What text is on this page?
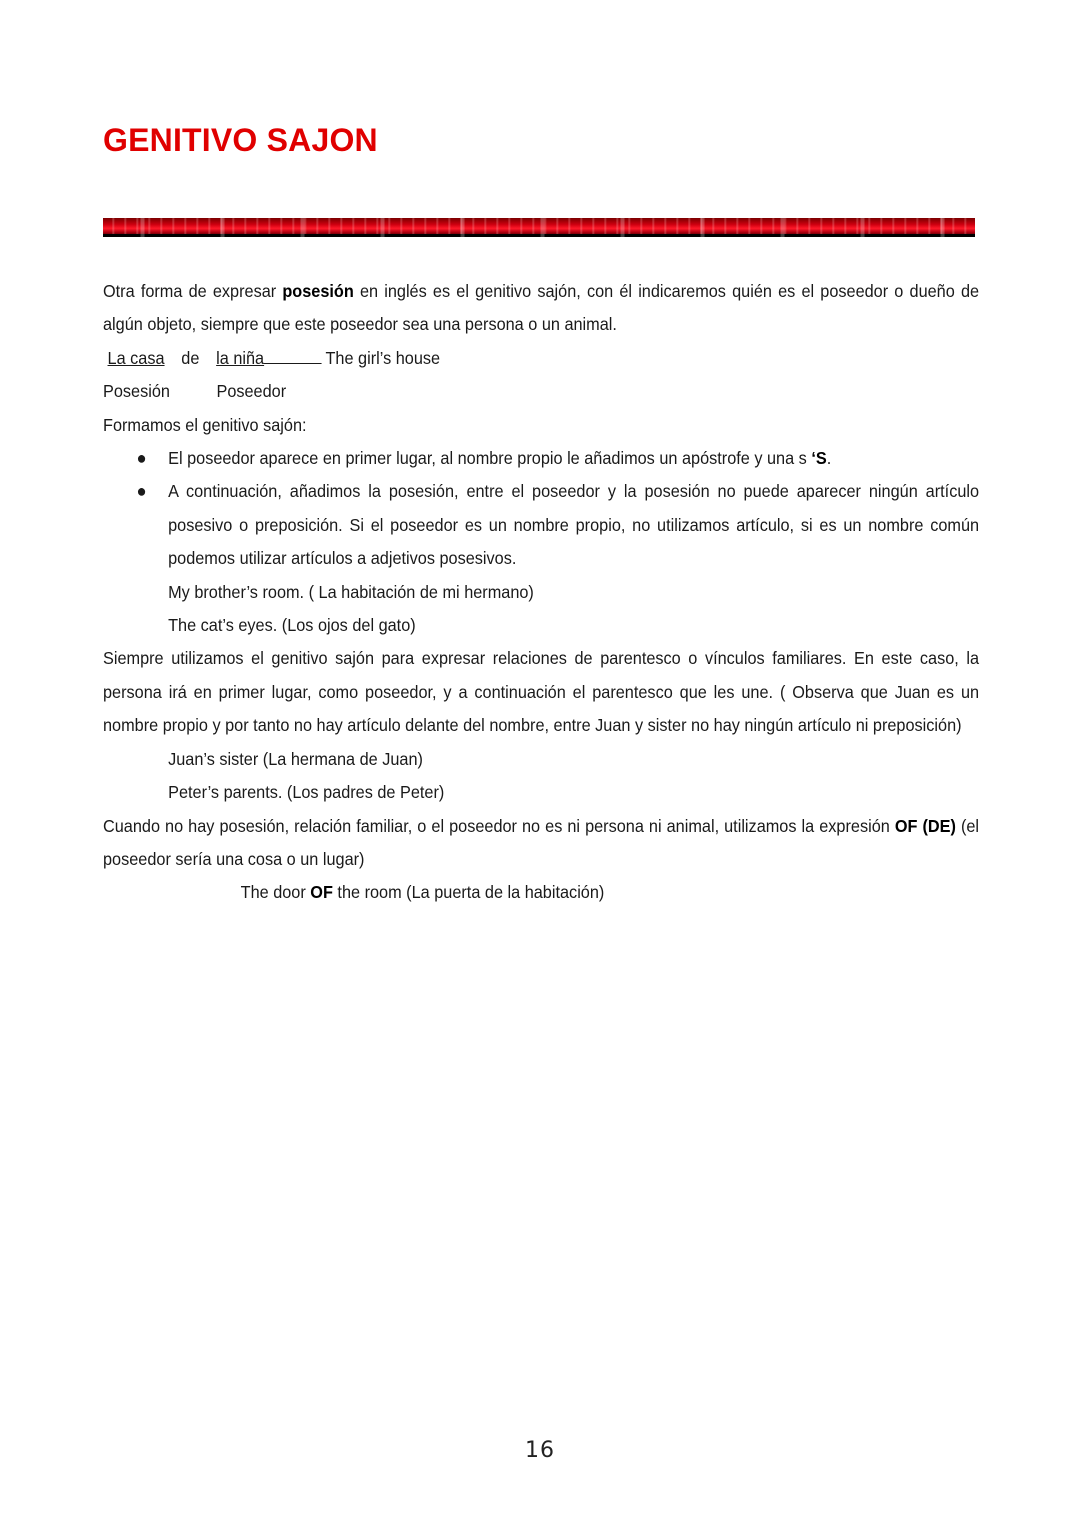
GENITIVO SAJON

Otra forma de expresar posesión en inglés es el genitivo sajón, con él indicaremos quién es el poseedor o dueño de algún objeto, siempre que este poseedor sea una persona o un animal.

La casa de la niña	The girl’s house

Posesión	Poseedor

Formamos el genitivo sajón:

● El poseedor aparece en primer lugar, al nombre propio le añadimos un apóstrofe y una s ‘S.
● A continuación, añadimos la posesión, entre el poseedor y la posesión no puede aparecer ningún artículo posesivo o preposición. Si el poseedor es un nombre propio, no utilizamos artículo, si es un nombre común podemos utilizar artículos a adjetivos posesivos.

My brother’s room. ( La habitación de mi hermano)

The cat’s eyes. (Los ojos del gato)

Siempre utilizamos el genitivo sajón para expresar relaciones de parentesco o vínculos familiares. En este caso, la persona irá en primer lugar, como poseedor, y a continuación el parentesco que les une. ( Observa que Juan es un nombre propio y por tanto no hay artículo delante del nombre, entre Juan y sister no hay ningún artículo ni preposición)

Juan’s sister (La hermana de Juan)

Peter’s parents. (Los padres de Peter)

Cuando no hay posesión, relación familiar, o el poseedor no es ni persona ni animal, utilizamos la expresión OF (DE) (el poseedor sería una cosa o un lugar)

The door OF the room (La puerta de la habitación)

16
